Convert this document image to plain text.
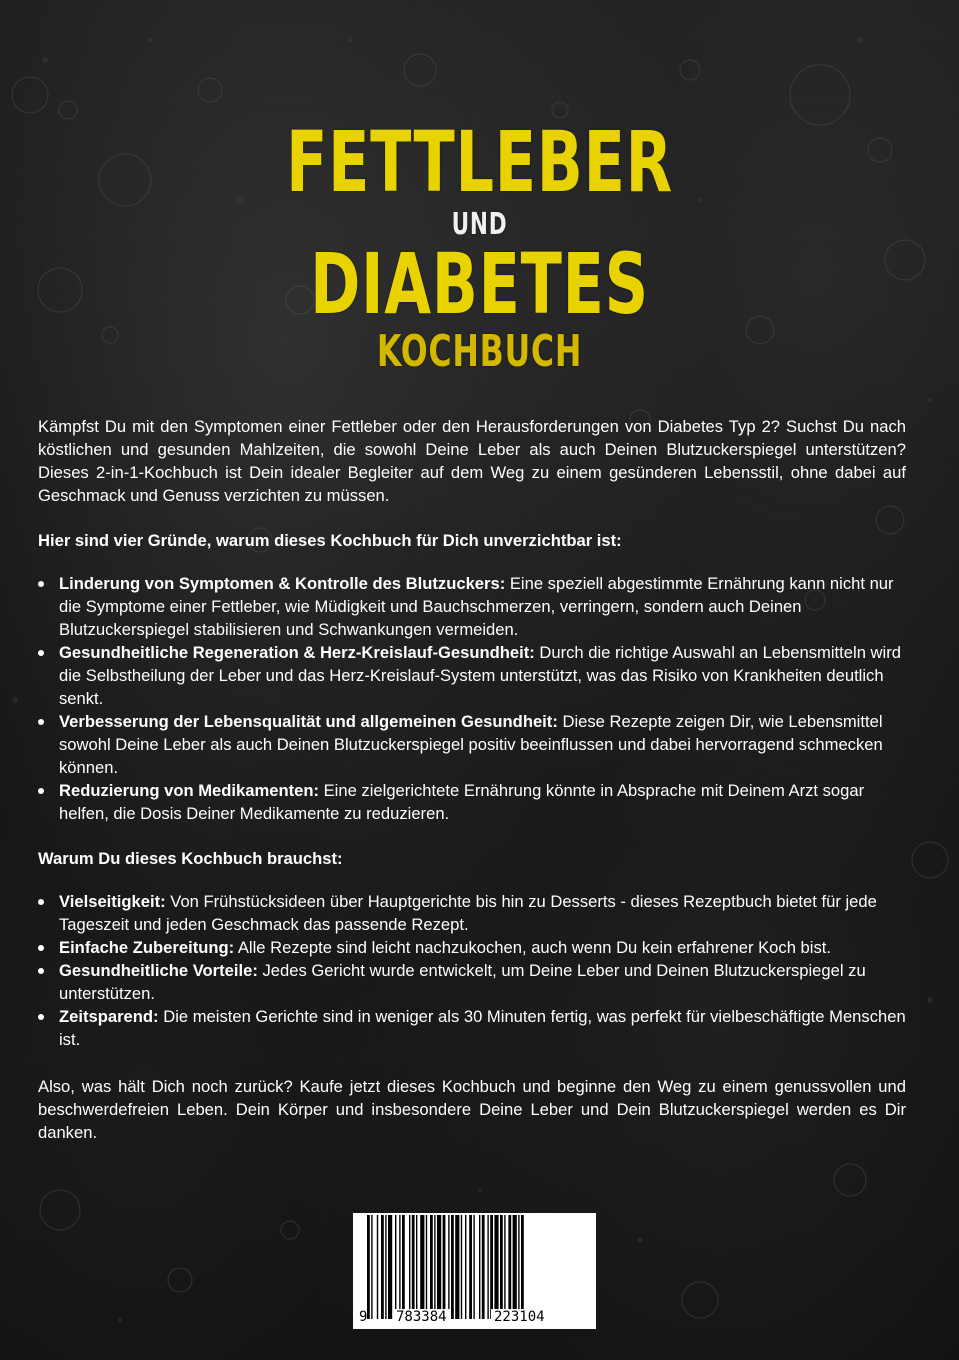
FETTLEBER
UND
DIABETES
KOCHBUCH

Kämpfst Du mit den Symptomen einer Fettleber oder den Herausforderungen von Diabetes Typ 2? Suchst Du nach köstlichen und gesunden Mahlzeiten, die sowohl Deine Leber als auch Deinen Blutzuckerspiegel unterstützen? Dieses 2-in-1-Kochbuch ist Dein idealer Begleiter auf dem Weg zu einem gesünderen Lebensstil, ohne dabei auf Geschmack und Genuss verzichten zu müssen.

Hier sind vier Gründe, warum dieses Kochbuch für Dich unverzichtbar ist:

Linderung von Symptomen & Kontrolle des Blutzuckers: Eine speziell abgestimmte Ernährung kann nicht nur die Symptome einer Fettleber, wie Müdigkeit und Bauchschmerzen, verringern, sondern auch Deinen Blutzuckerspiegel stabilisieren und Schwankungen vermeiden.
Gesundheitliche Regeneration & Herz-Kreislauf-Gesundheit: Durch die richtige Auswahl an Lebensmitteln wird die Selbstheilung der Leber und das Herz-Kreislauf-System unterstützt, was das Risiko von Krankheiten deutlich senkt.
Verbesserung der Lebensqualität und allgemeinen Gesundheit: Diese Rezepte zeigen Dir, wie Lebensmittel sowohl Deine Leber als auch Deinen Blutzuckerspiegel positiv beeinflussen und dabei hervorragend schmecken können.
Reduzierung von Medikamenten: Eine zielgerichtete Ernährung könnte in Absprache mit Deinem Arzt sogar helfen, die Dosis Deiner Medikamente zu reduzieren.

Warum Du dieses Kochbuch brauchst:

Vielseitigkeit: Von Frühstücksideen über Hauptgerichte bis hin zu Desserts - dieses Rezeptbuch bietet für jede Tageszeit und jeden Geschmack das passende Rezept.
Einfache Zubereitung: Alle Rezepte sind leicht nachzukochen, auch wenn Du kein erfahrener Koch bist.
Gesundheitliche Vorteile: Jedes Gericht wurde entwickelt, um Deine Leber und Deinen Blutzuckerspiegel zu unterstützen.
Zeitsparend: Die meisten Gerichte sind in weniger als 30 Minuten fertig, was perfekt für vielbeschäftigte Menschen ist.

Also, was hält Dich noch zurück? Kaufe jetzt dieses Kochbuch und beginne den Weg zu einem genussvollen und beschwerdefreien Leben. Dein Körper und insbesondere Deine Leber und Dein Blutzuckerspiegel werden es Dir danken.

9 783384	223104
